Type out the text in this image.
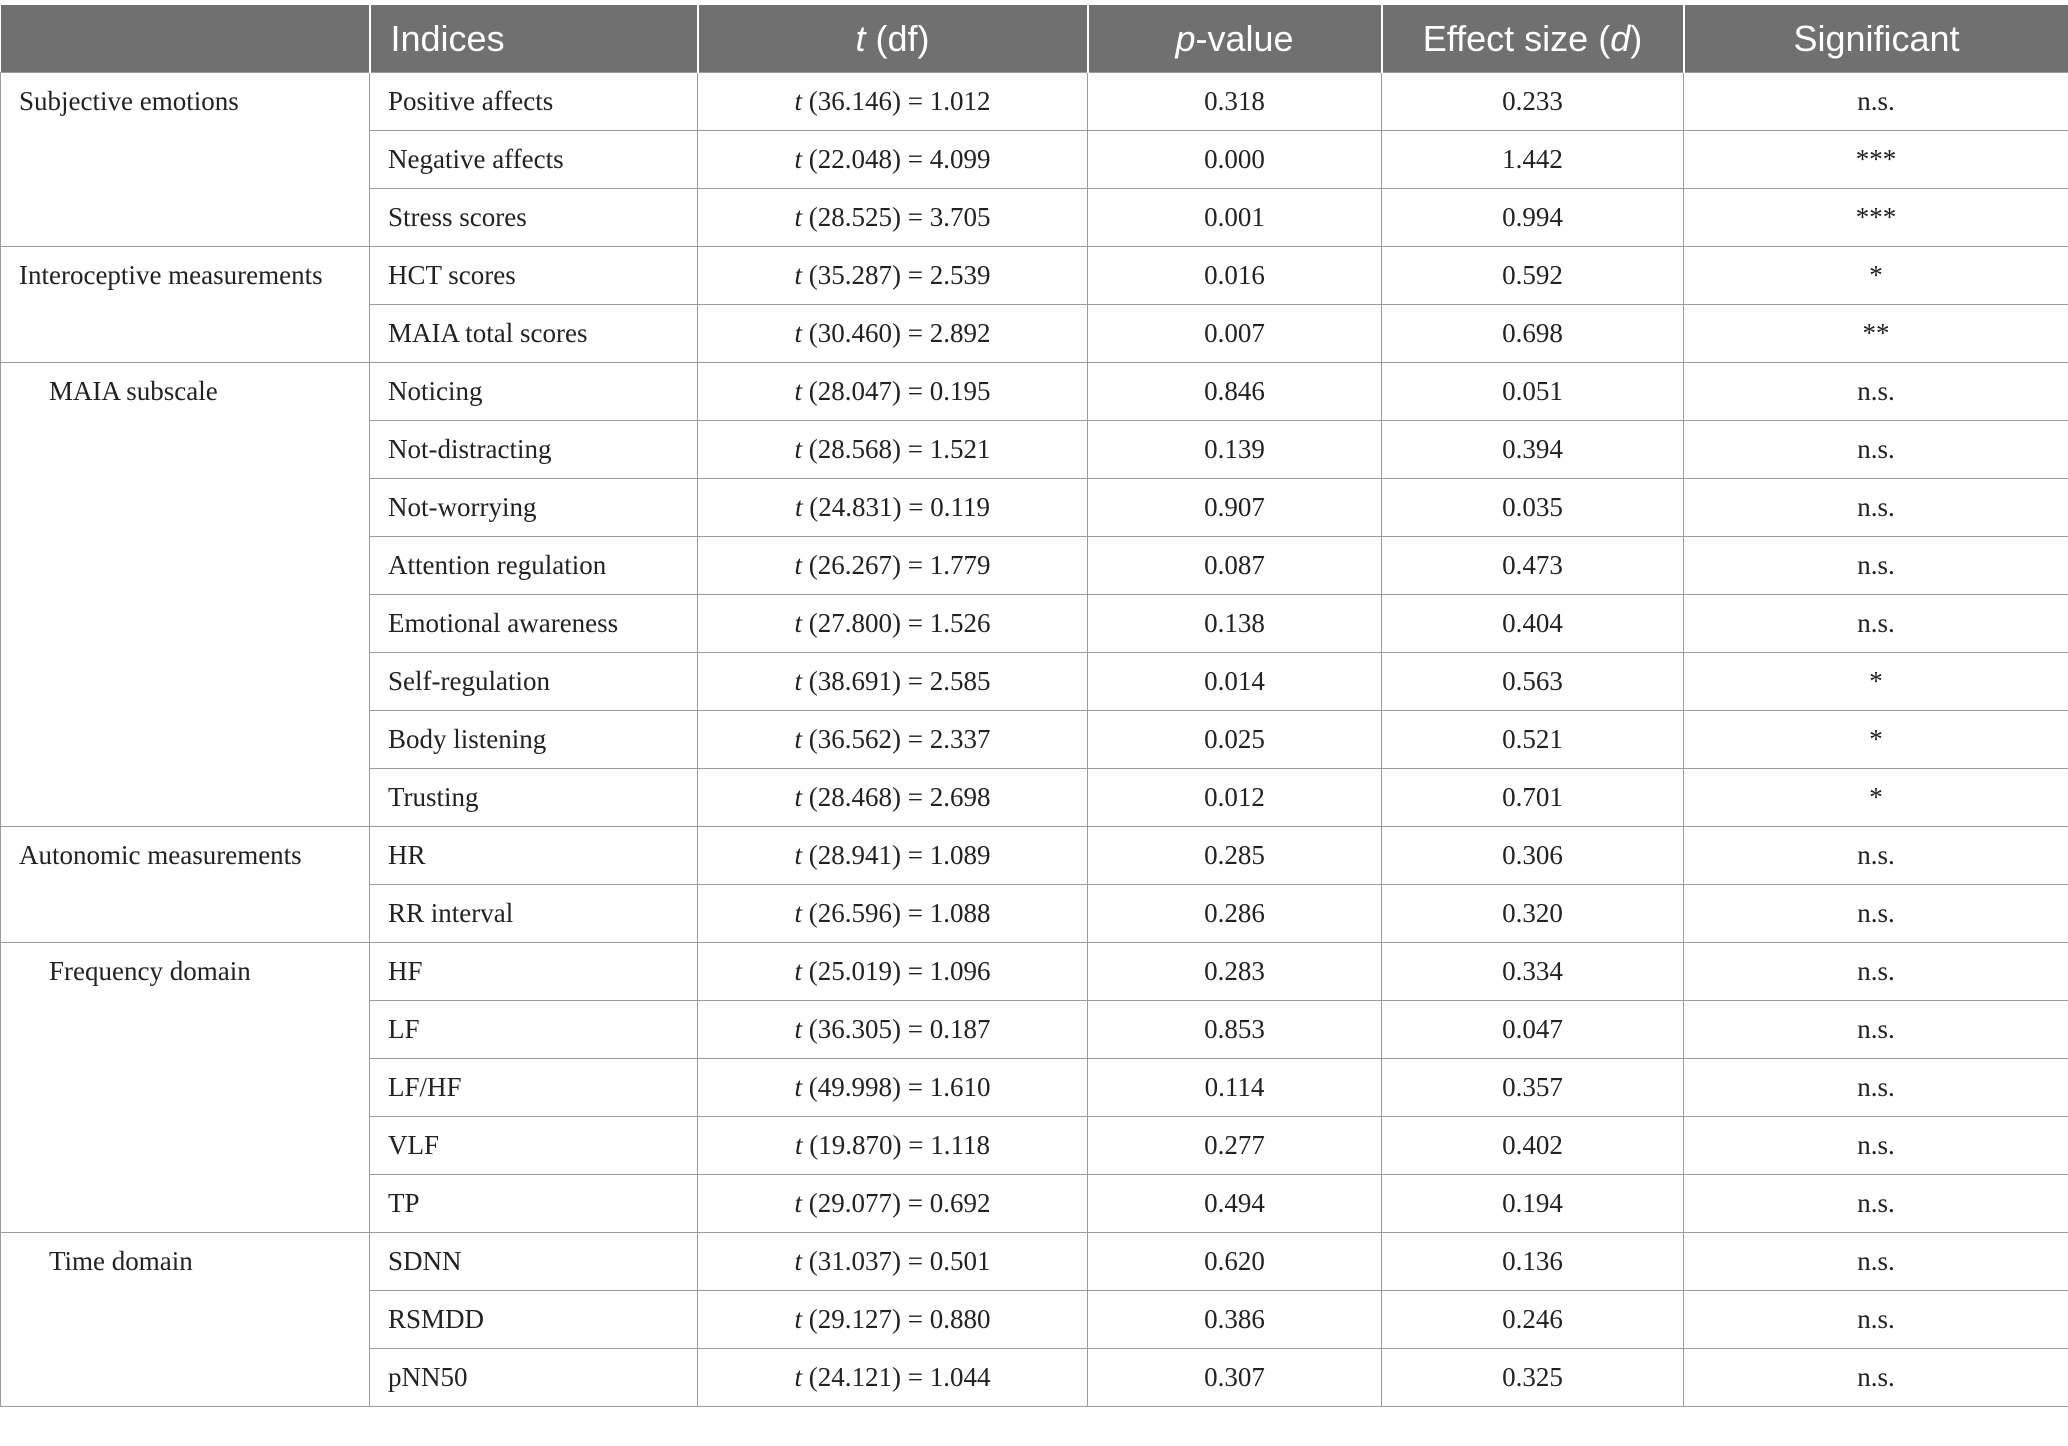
	Indices	t (df)	p-value	Effect size (d)	Significant
Subjective emotions	Positive affects	t (36.146) = 1.012	0.318	0.233	n.s.
	Negative affects	t (22.048) = 4.099	0.000	1.442	***
	Stress scores	t (28.525) = 3.705	0.001	0.994	***
Interoceptive measurements	HCT scores	t (35.287) = 2.539	0.016	0.592	*
	MAIA total scores	t (30.460) = 2.892	0.007	0.698	**
MAIA subscale	Noticing	t (28.047) = 0.195	0.846	0.051	n.s.
	Not-distracting	t (28.568) = 1.521	0.139	0.394	n.s.
	Not-worrying	t (24.831) = 0.119	0.907	0.035	n.s.
	Attention regulation	t (26.267) = 1.779	0.087	0.473	n.s.
	Emotional awareness	t (27.800) = 1.526	0.138	0.404	n.s.
	Self-regulation	t (38.691) = 2.585	0.014	0.563	*
	Body listening	t (36.562) = 2.337	0.025	0.521	*
	Trusting	t (28.468) = 2.698	0.012	0.701	*
Autonomic measurements	HR	t (28.941) = 1.089	0.285	0.306	n.s.
	RR interval	t (26.596) = 1.088	0.286	0.320	n.s.
Frequency domain	HF	t (25.019) = 1.096	0.283	0.334	n.s.
	LF	t (36.305) = 0.187	0.853	0.047	n.s.
	LF/HF	t (49.998) = 1.610	0.114	0.357	n.s.
	VLF	t (19.870) = 1.118	0.277	0.402	n.s.
	TP	t (29.077) = 0.692	0.494	0.194	n.s.
Time domain	SDNN	t (31.037) = 0.501	0.620	0.136	n.s.
	RSMDD	t (29.127) = 0.880	0.386	0.246	n.s.
	pNN50	t (24.121) = 1.044	0.307	0.325	n.s.
